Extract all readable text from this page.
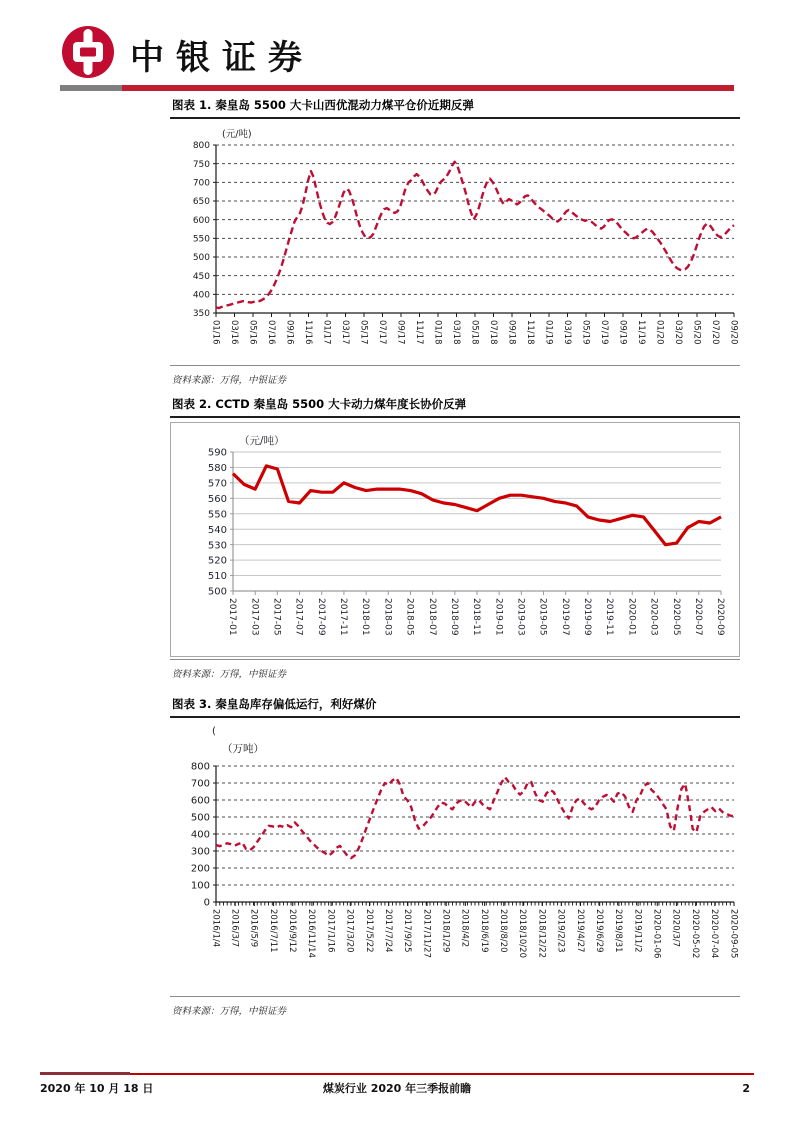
中银证券
图表 1. 秦皇岛 5500 大卡山西优混动力煤平仓价近期反弹
350
400
450
500
550
600
650
700
750
800
(元/吨)
01/16 03/16 05/16 07/16 09/16 11/16 01/17 03/17 05/17 07/17 09/17 11/17 01/18 03/18 05/18 07/18 09/18 11/18 01/19 03/19 05/19 07/19 09/19 11/19 01/20 03/20 05/20 07/20 09/20
资料来源：万得，中银证券
图表 2. CCTD 秦皇岛 5500 大卡动力煤年度长协价反弹
500
510
520
530
540
550
560
570
580
590
（元/吨）
2017-01 2017-03 2017-05 2017-07 2017-09 2017-11 2018-01 2018-03 2018-05 2018-07 2018-09 2018-11 2019-01 2019-03 2019-05 2019-07 2019-09 2019-11 2020-01 2020-03 2020-05 2020-07 2020-09
资料来源：万得，中银证券
图表 3. 秦皇岛库存偏低运行，利好煤价
0
100
200
300
400
500
600
700
800
（万吨）
(
2016/1/4 2016/3/7 2016/5/9 2016/7/11 2016/9/12 2016/11/14 2017/1/16 2017/3/20 2017/5/22 2017/7/24 2017/9/25 2017/11/27 2018/1/29 2018/4/2 2018/6/19 2018/8/20 2018/10/20 2018/12/22 2019/2/23 2019/4/27 2019/6/29 2019/8/31 2019/11/2 2020-01-06 2020/3/7 2020-05-02 2020-07-04 2020-09-05
资料来源：万得，中银证券
2020 年 10 月 18 日	煤炭行业 2020 年三季报前瞻	2
